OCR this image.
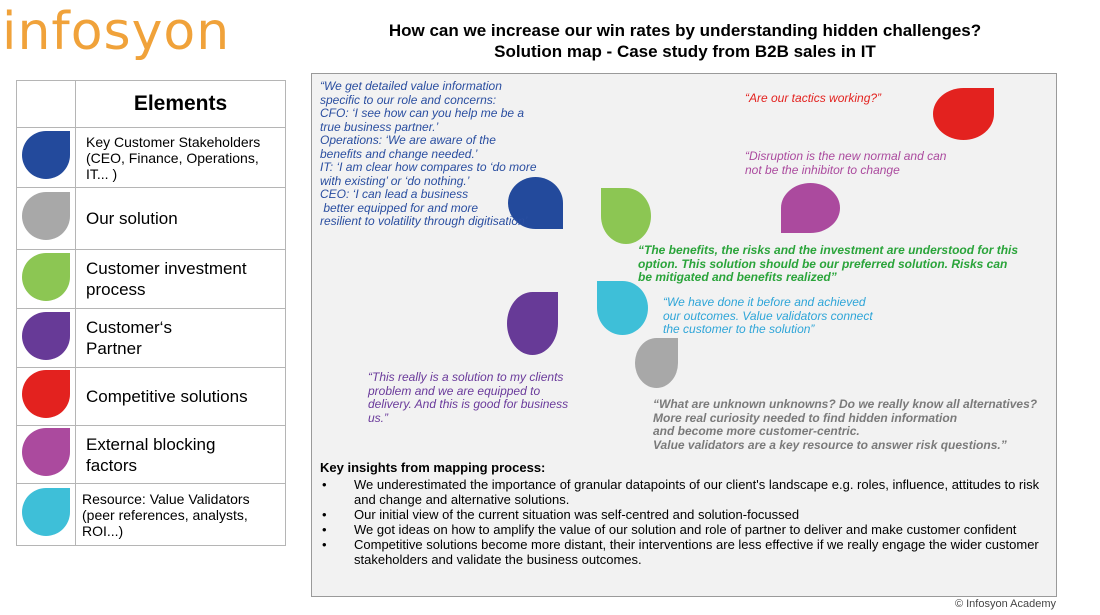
infosyon	How can we increase our win rates by understanding hidden challenges?
Solution map - Case study from B2B sales in IT
	Elements
	Key Customer Stakeholders (CEO, Finance, Operations, IT... )
	Our solution
	Customer investment process
	Customer‘s Partner
	Competitive solutions
	External blocking factors
	Resource: Value Validators (peer references, analysts, ROI...)
“We get detailed value information
specific to our role and concerns:
CFO: ‘I see how can you help me be a
true business partner.’
Operations: ‘We are aware of the
benefits and change needed.’
IT: ‘I am clear how compares to ‘do more
with existing’ or ‘do nothing.’
CEO: ‘I can lead a business
better equipped for and more
resilient to volatility through digitisation’
“Are our tactics working?”
“Disruption is the new normal and can
not be the inhibitor to change
“The benefits, the risks and the investment are understood for this
option. This solution should be our preferred solution. Risks can
be mitigated and benefits realized”
“We have done it before and achieved
our outcomes. Value validators connect
the customer to the solution”
“This really is a solution to my clients
problem and we are equipped to
delivery. And this is good for business
us.”
“What are unknown unknowns? Do we really know all alternatives?
More real curiosity needed to find hidden information
and become more customer-centric.
Value validators are a key resource to answer risk questions.”
Key insights from mapping process:
• We underestimated the importance of granular datapoints of our client's landscape e.g. roles, influence, attitudes to risk and change and alternative solutions.
• Our initial view of the current situation was self-centred and solution-focussed
• We got ideas on how to amplify the value of our solution and role of partner to deliver and make customer confident
• Competitive solutions become more distant, their interventions are less effective if we really engage the wider customer stakeholders and validate the business outcomes.
© Infosyon Academy
